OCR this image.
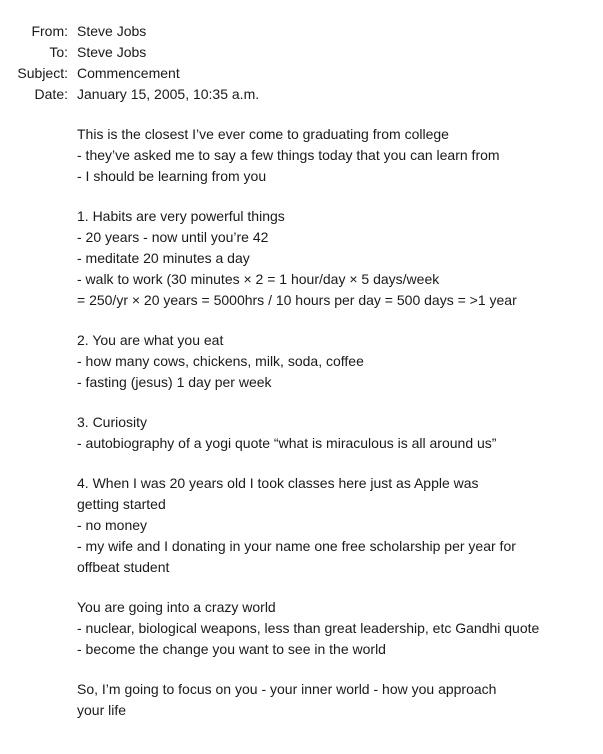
From: Steve Jobs
To: Steve Jobs
Subject: Commencement
Date: January 15, 2005, 10:35 a.m.
This is the closest I’ve ever come to graduating from college
- they’ve asked me to say a few things today that you can learn from
- I should be learning from you
1. Habits are very powerful things
- 20 years - now until you’re 42
- meditate 20 minutes a day
- walk to work (30 minutes × 2 = 1 hour/day × 5 days/week
= 250/yr × 20 years = 5000hrs / 10 hours per day = 500 days = >1 year
2. You are what you eat
- how many cows, chickens, milk, soda, coffee
- fasting (jesus) 1 day per week
3. Curiosity
- autobiography of a yogi quote “what is miraculous is all around us”
4. When I was 20 years old I took classes here just as Apple was
getting started
- no money
- my wife and I donating in your name one free scholarship per year for
offbeat student
You are going into a crazy world
- nuclear, biological weapons, less than great leadership, etc Gandhi quote
- become the change you want to see in the world
So, I’m going to focus on you - your inner world - how you approach
your life
